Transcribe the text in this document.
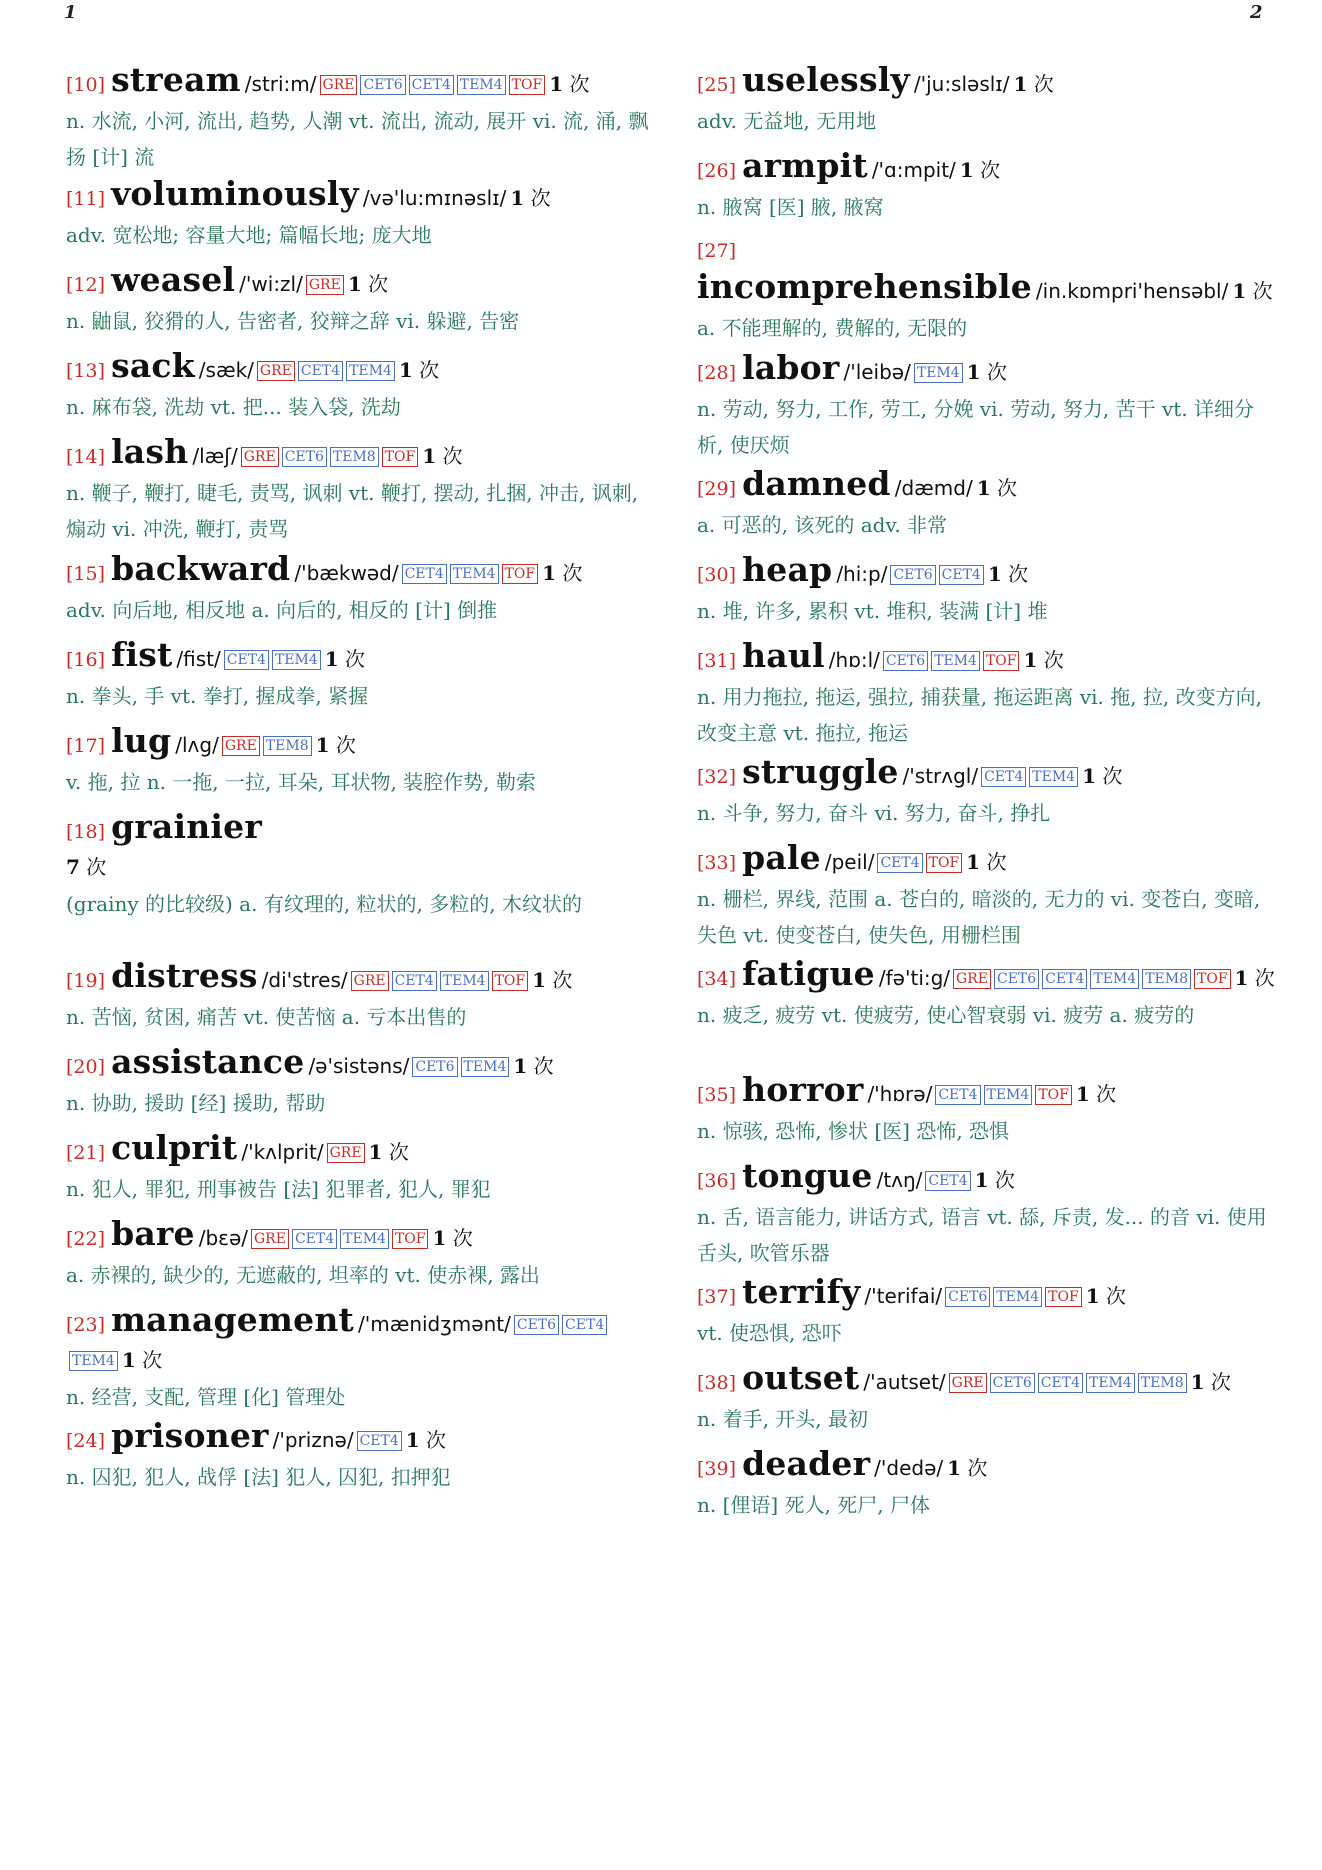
1	2
[10] stream /stri:m/ GRE CET6 CET4 TEM4 TOF 1 次
n. 水流, 小河, 流出, 趋势, 人潮 vt. 流出, 流动, 展开 vi. 流, 涌, 飘扬 [计] 流
[11] voluminously /və'lu:mɪnəslɪ/ 1 次
adv. 宽松地; 容量大地; 篇幅长地; 庞大地
[12] weasel /'wi:zl/ GRE 1 次
n. 鼬鼠, 狡猾的人, 告密者, 狡辩之辞 vi. 躲避, 告密
[13] sack /sæk/ GRE CET4 TEM4 1 次
n. 麻布袋, 洗劫 vt. 把... 装入袋, 洗劫
[14] lash /læʃ/ GRE CET6 TEM8 TOF 1 次
n. 鞭子, 鞭打, 睫毛, 责骂, 讽刺 vt. 鞭打, 摆动, 扎捆, 冲击, 讽刺, 煽动 vi. 冲洗, 鞭打, 责骂
[15] backward /'bækwəd/ CET4 TEM4 TOF 1 次
adv. 向后地, 相反地 a. 向后的, 相反的 [计] 倒推
[16] fist /fist/ CET4 TEM4 1 次
n. 拳头, 手 vt. 拳打, 握成拳, 紧握
[17] lug /lʌg/ GRE TEM8 1 次
v. 拖, 拉 n. 一拖, 一拉, 耳朵, 耳状物, 装腔作势, 勒索
[18] grainier
7 次
(grainy 的比较级) a. 有纹理的, 粒状的, 多粒的, 木纹状的
[19] distress /di'stres/ GRE CET4 TEM4 TOF 1 次
n. 苦恼, 贫困, 痛苦 vt. 使苦恼 a. 亏本出售的
[20] assistance /ə'sistəns/ CET6 TEM4 1 次
n. 协助, 援助 [经] 援助, 帮助
[21] culprit /'kʌlprit/ GRE 1 次
n. 犯人, 罪犯, 刑事被告 [法] 犯罪者, 犯人, 罪犯
[22] bare /bɛə/ GRE CET4 TEM4 TOF 1 次
a. 赤裸的, 缺少的, 无遮蔽的, 坦率的 vt. 使赤裸, 露出
[23] management /'mænidʒmənt/ CET6 CET4TEM4 1 次
n. 经营, 支配, 管理 [化] 管理处
[24] prisoner /'priznə/ CET4 1 次
n. 囚犯, 犯人, 战俘 [法] 犯人, 囚犯, 扣押犯
[25] uselessly /'ju:sləslɪ/ 1 次
adv. 无益地, 无用地
[26] armpit /'ɑ:mpit/ 1 次
n. 腋窝 [医] 腋, 腋窝
[27] incomprehensible /in.kɒmpri'hensəbl/ 1 次
a. 不能理解的, 费解的, 无限的
[28] labor /'leibə/ TEM4 1 次
n. 劳动, 努力, 工作, 劳工, 分娩 vi. 劳动, 努力, 苦干 vt. 详细分析, 使厌烦
[29] damned /dæmd/ 1 次
a. 可恶的, 该死的 adv. 非常
[30] heap /hi:p/ CET6 CET4 1 次
n. 堆, 许多, 累积 vt. 堆积, 装满 [计] 堆
[31] haul /hɒ:l/ CET6 TEM4 TOF 1 次
n. 用力拖拉, 拖运, 强拉, 捕获量, 拖运距离 vi. 拖, 拉, 改变方向, 改变主意 vt. 拖拉, 拖运
[32] struggle /'strʌgl/ CET4 TEM4 1 次
n. 斗争, 努力, 奋斗 vi. 努力, 奋斗, 挣扎
[33] pale /peil/ CET4 TOF 1 次
n. 栅栏, 界线, 范围 a. 苍白的, 暗淡的, 无力的 vi. 变苍白, 变暗, 失色 vt. 使变苍白, 使失色, 用栅栏围
[34] fatigue /fə'ti:g/ GRE CET6 CET4 TEM4 TEM8 TOF 1 次
n. 疲乏, 疲劳 vt. 使疲劳, 使心智衰弱 vi. 疲劳 a. 疲劳的
[35] horror /'hɒrə/ CET4 TEM4 TOF 1 次
n. 惊骇, 恐怖, 惨状 [医] 恐怖, 恐惧
[36] tongue /tʌŋ/ CET4 1 次
n. 舌, 语言能力, 讲话方式, 语言 vt. 舔, 斥责, 发... 的音 vi. 使用舌头, 吹管乐器
[37] terrify /'terifai/ CET6 TEM4 TOF 1 次
vt. 使恐惧, 恐吓
[38] outset /'autset/ GRE CET6 CET4 TEM4 TEM8 1 次
n. 着手, 开头, 最初
[39] deader /'dedə/ 1 次
n. [俚语] 死人, 死尸, 尸体
